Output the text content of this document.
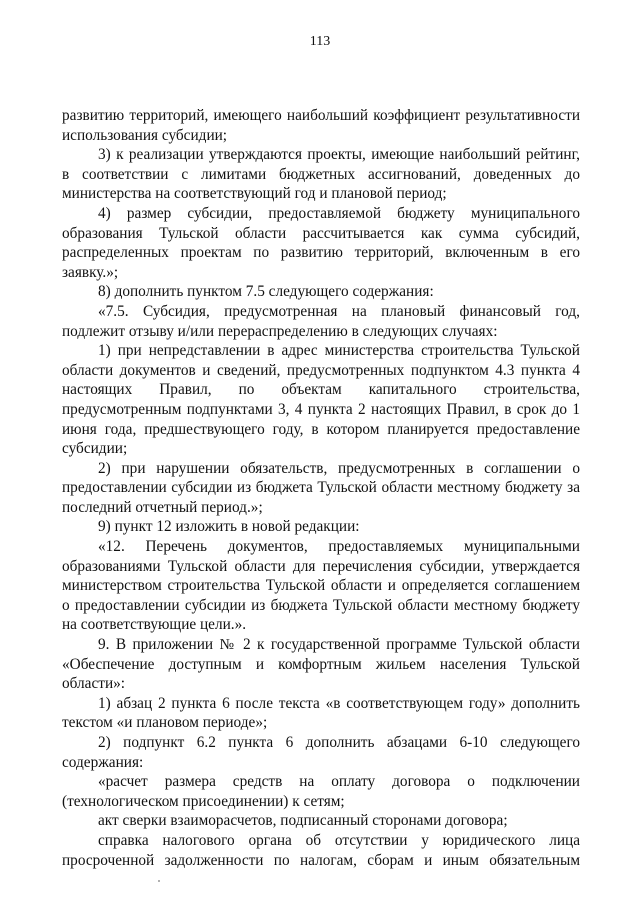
113

развитию территорий, имеющего наибольший коэффициент результативности использования субсидии;

3) к реализации утверждаются проекты, имеющие наибольший рейтинг, в соответствии с лимитами бюджетных ассигнований, доведенных до министерства на соответствующий год и плановой период;

4) размер субсидии, предоставляемой бюджету муниципального образования Тульской области рассчитывается как сумма субсидий, распределенных проектам по развитию территорий, включенным в его заявку.»;

8) дополнить пунктом 7.5 следующего содержания:

«7.5. Субсидия, предусмотренная на плановый финансовый год, подлежит отзыву и/или перераспределению в следующих случаях:

1) при непредставлении в адрес министерства строительства Тульской области документов и сведений, предусмотренных подпунктом 4.3 пункта 4 настоящих Правил, по объектам капитального строительства, предусмотренным подпунктами 3, 4 пункта 2 настоящих Правил, в срок до 1 июня года, предшествующего году, в котором планируется предоставление субсидии;

2) при нарушении обязательств, предусмотренных в соглашении о предоставлении субсидии из бюджета Тульской области местному бюджету за последний отчетный период.»;

9) пункт 12 изложить в новой редакции:

«12. Перечень документов, предоставляемых муниципальными образованиями Тульской области для перечисления субсидии, утверждается министерством строительства Тульской области и определяется соглашением о предоставлении субсидии из бюджета Тульской области местному бюджету на соответствующие цели.».

9. В приложении № 2 к государственной программе Тульской области «Обеспечение доступным и комфортным жильем населения Тульской области»:

1) абзац 2 пункта 6 после текста «в соответствующем году» дополнить текстом «и плановом периоде»;

2) подпункт 6.2 пункта 6 дополнить абзацами 6-10 следующего содержания:

«расчет размера средств на оплату договора о подключении (технологическом присоединении) к сетям;

акт сверки взаиморасчетов, подписанный сторонами договора;

справка налогового органа об отсутствии у юридического лица просроченной задолженности по налогам, сборам и иным обязательным
